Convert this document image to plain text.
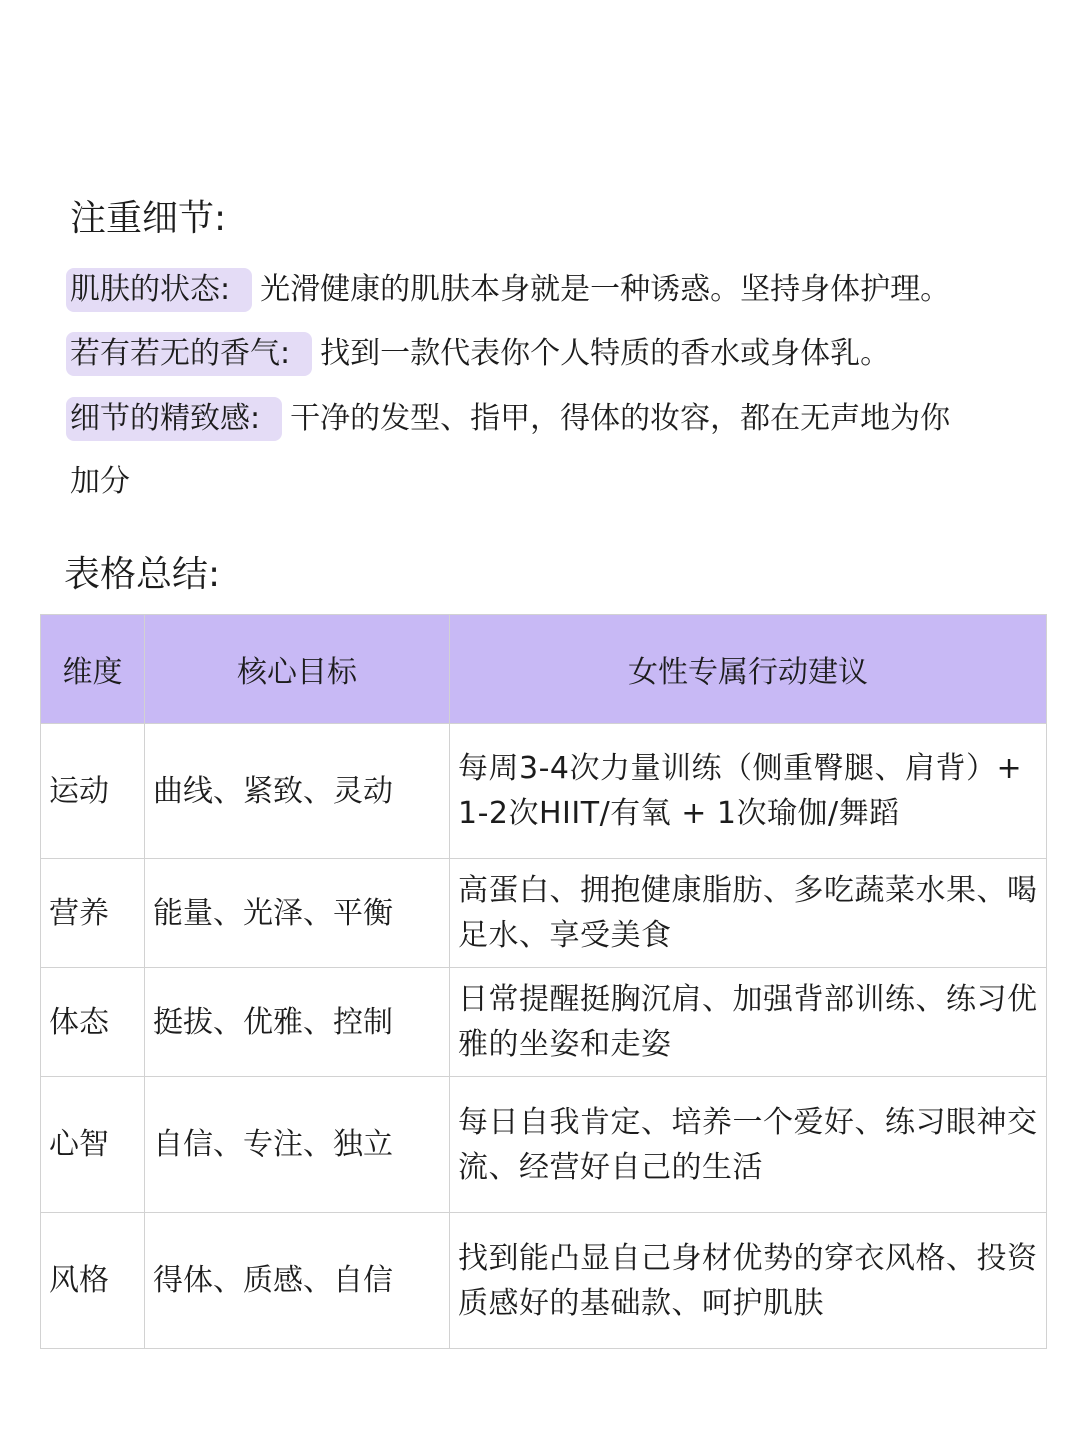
注重细节:
肌肤的状态: 光滑健康的肌肤本身就是一种诱惑。坚持身体护理。
若有若无的香气: 找到一款代表你个人特质的香水或身体乳。
细节的精致感: 干净的发型、指甲，得体的妆容，都在无声地为你
加分
表格总结:
维度	核心目标	女性专属行动建议
运动	曲线、紧致、灵动	每周3-4次力量训练（侧重臀腿、肩背）+ 1-2次HIIT/有氧 + 1次瑜伽/舞蹈
营养	能量、光泽、平衡	高蛋白、拥抱健康脂肪、多吃蔬菜水果、喝足水、享受美食
体态	挺拔、优雅、控制	日常提醒挺胸沉肩、加强背部训练、练习优雅的坐姿和走姿
心智	自信、专注、独立	每日自我肯定、培养一个爱好、练习眼神交流、经营好自己的生活
风格	得体、质感、自信	找到能凸显自己身材优势的穿衣风格、投资质感好的基础款、呵护肌肤
